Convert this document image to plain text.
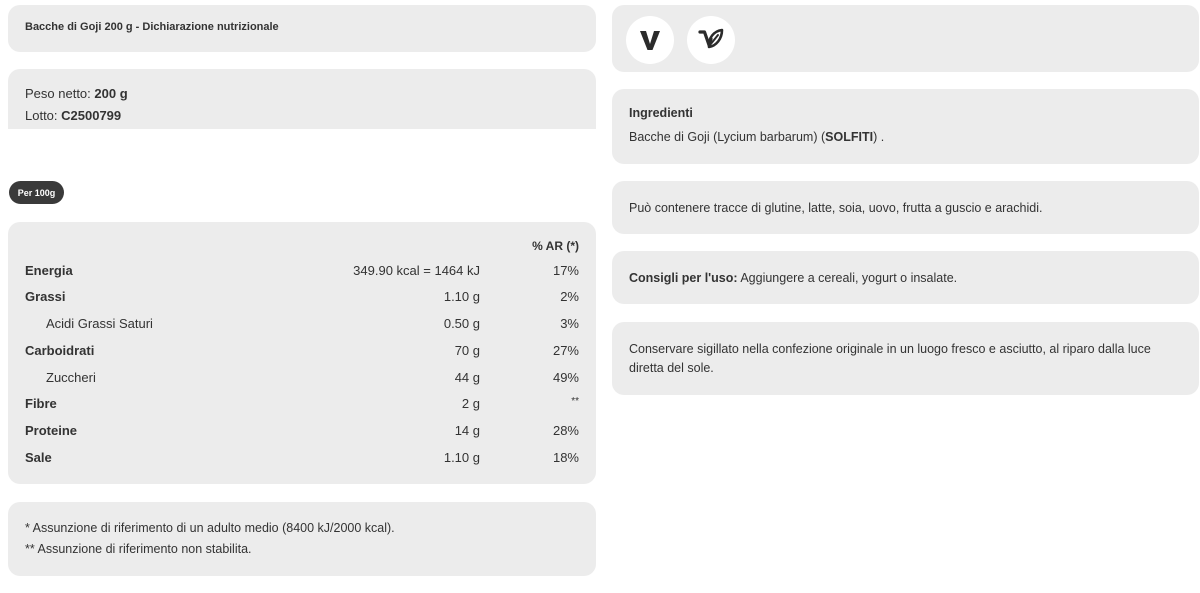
Bacche di Goji 200 g - Dichiarazione nutrizionale
Peso netto: 200 g
Lotto: C2500799
Per 100g
% AR (*)
Energia	349.90 kcal = 1464 kJ	17%
Grassi	1.10 g	2%
Acidi Grassi Saturi	0.50 g	3%
Carboidrati	70 g	27%
Zuccheri	44 g	49%
Fibre	2 g	**
Proteine	14 g	28%
Sale	1.10 g	18%
* Assunzione di riferimento di un adulto medio (8400 kJ/2000 kcal).
** Assunzione di riferimento non stabilita.
Ingredienti
Bacche di Goji (Lycium barbarum) (SOLFITI) .
Può contenere tracce di glutine, latte, soia, uovo, frutta a guscio e arachidi.
Consigli per l'uso: Aggiungere a cereali, yogurt o insalate.
Conservare sigillato nella confezione originale in un luogo fresco e asciutto, al riparo dalla luce diretta del sole.
